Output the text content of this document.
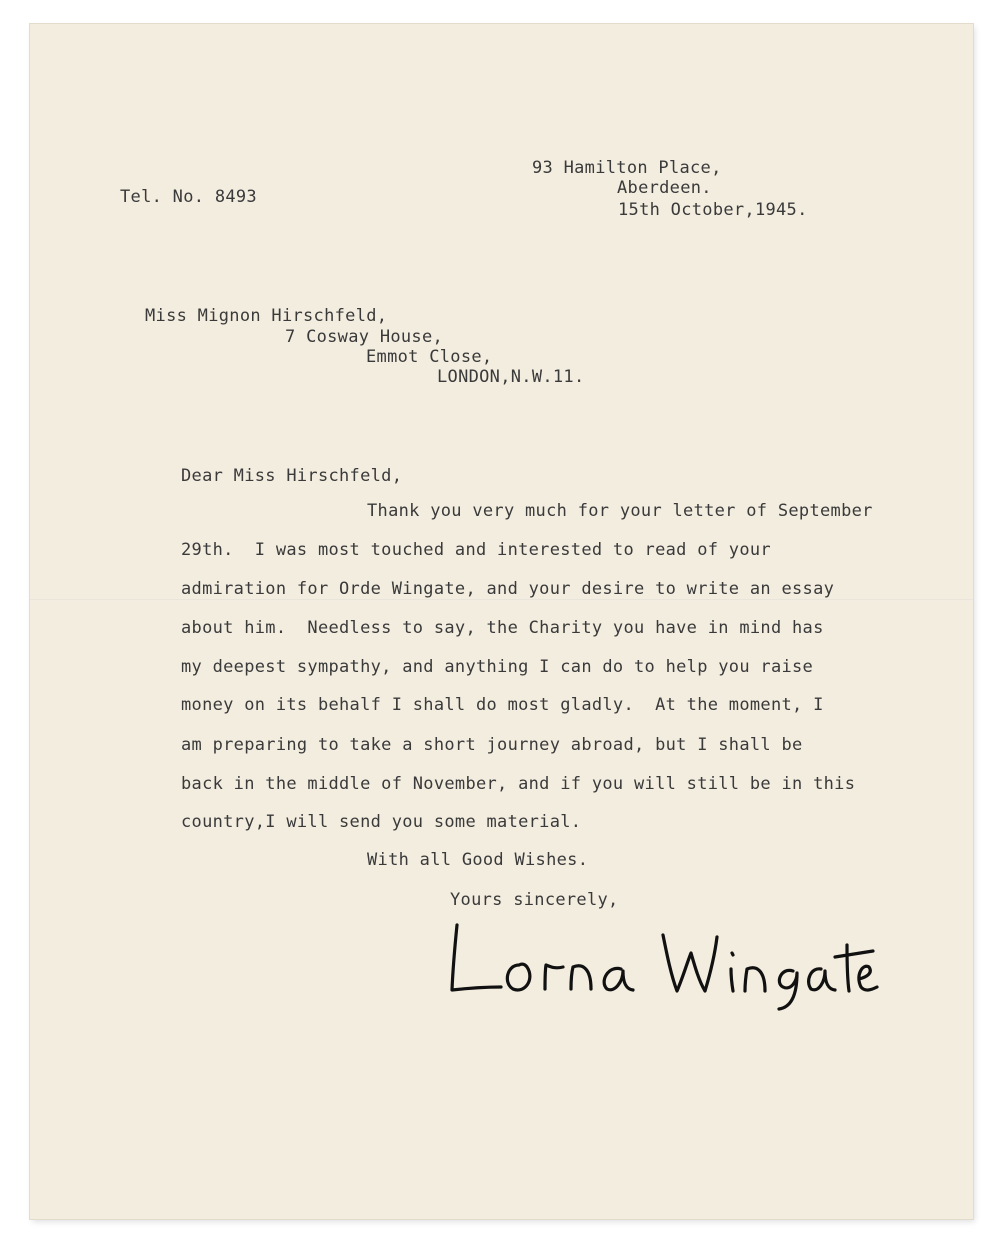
Tel. No. 8493
93 Hamilton Place,
Aberdeen.
15th October,1945.
Miss Mignon Hirschfeld,
7 Cosway House,
Emmot Close,
LONDON,N.W.11.
Dear Miss Hirschfeld,
Thank you very much for your letter of September
29th.  I was most touched and interested to read of your
admiration for Orde Wingate, and your desire to write an essay
about him.  Needless to say, the Charity you have in mind has
my deepest sympathy, and anything I can do to help you raise
money on its behalf I shall do most gladly.  At the moment, I
am preparing to take a short journey abroad, but I shall be
back in the middle of November, and if you will still be in this
country,I will send you some material.
With all Good Wishes.
Yours sincerely,
